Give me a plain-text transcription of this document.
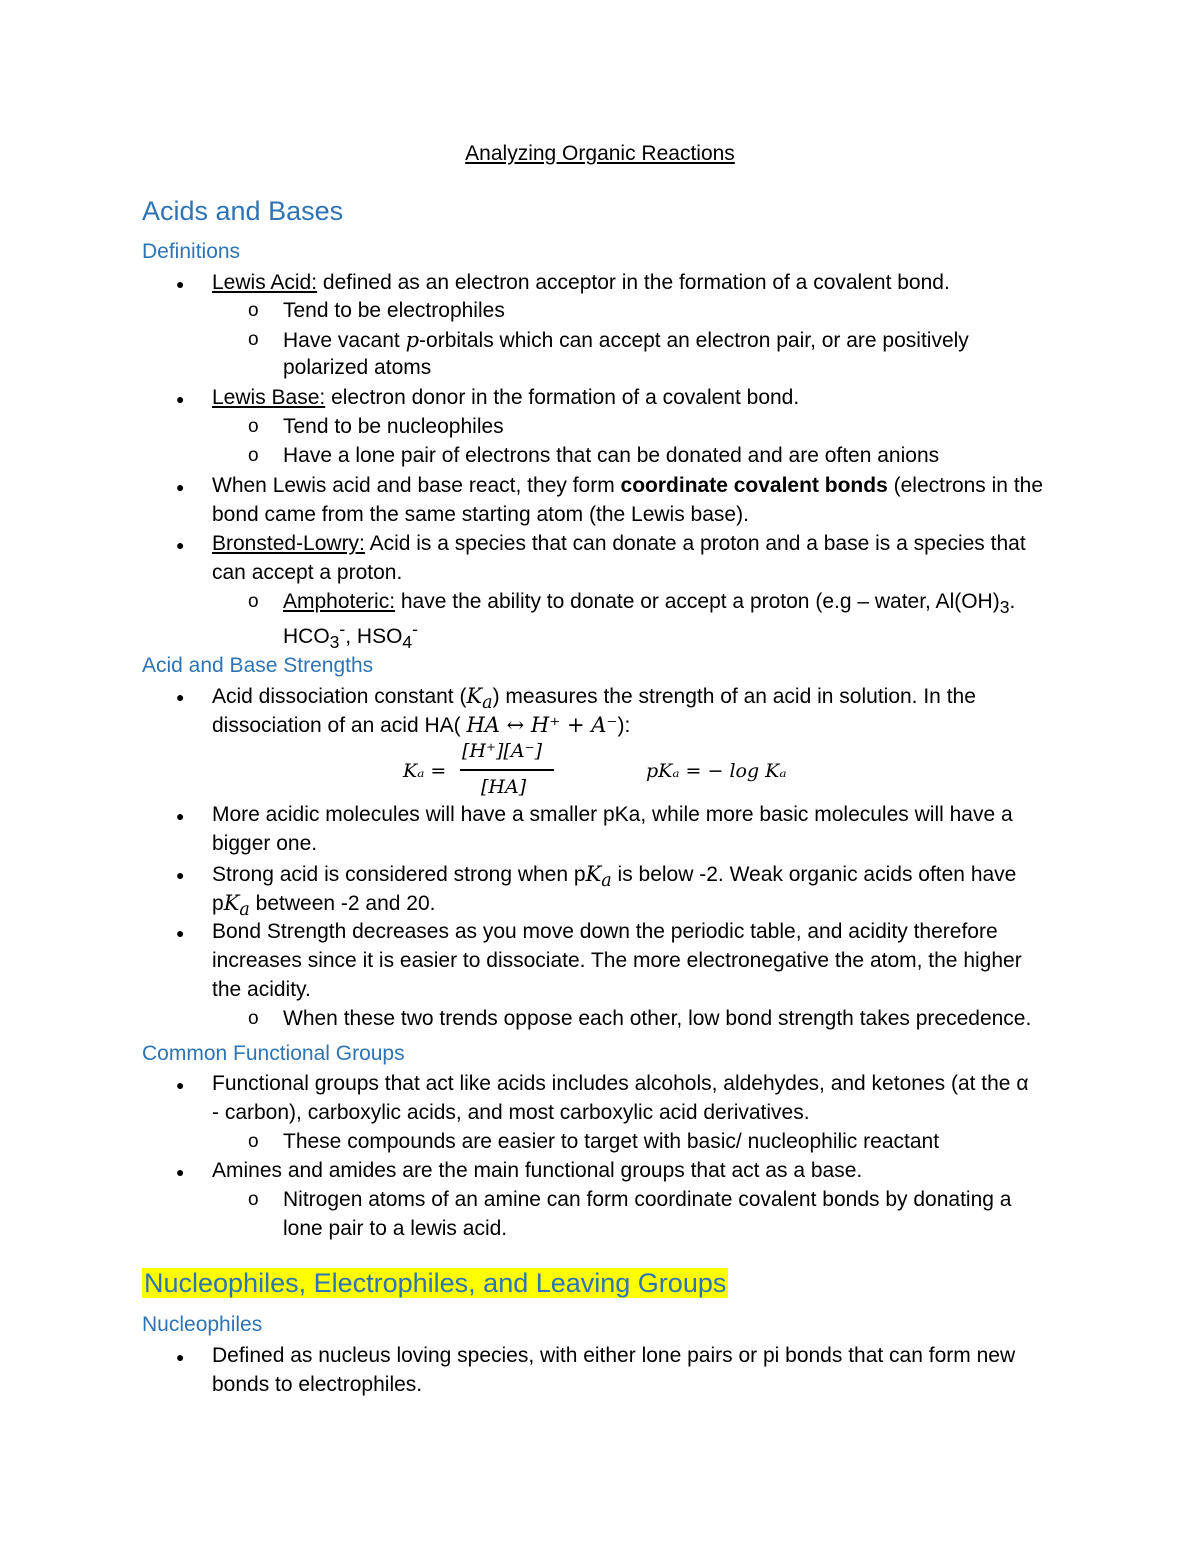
Analyzing Organic Reactions
Acids and Bases
Definitions
● Lewis Acid: defined as an electron acceptor in the formation of a covalent bond.
o Tend to be electrophiles
o Have vacant p-orbitals which can accept an electron pair, or are positively
polarized atoms
● Lewis Base: electron donor in the formation of a covalent bond.
o Tend to be nucleophiles
o Have a lone pair of electrons that can be donated and are often anions
● When Lewis acid and base react, they form coordinate covalent bonds (electrons in the
bond came from the same starting atom (the Lewis base).
● Bronsted-Lowry: Acid is a species that can donate a proton and a base is a species that
can accept a proton.
o Amphoteric: have the ability to donate or accept a proton (e.g – water, $Al(OH)_3$.
$HCO_3^-$, $HSO_4^-$
Acid and Base Strengths
● Acid dissociation constant $(K_a)$ measures the strength of an acid in solution. In the
dissociation of an acid HA( HA ↔ H⁺ + A⁻):
Kₐ =
[H⁺][A⁻]
[HA]
pKₐ = − log Kₐ
● More acidic molecules will have a smaller pKa, while more basic molecules will have a
bigger one.
● Strong acid is considered strong when $pK_a$ is below -2. Weak organic acids often have
$pK_a$ between -2 and 20.
● Bond Strength decreases as you move down the periodic table, and acidity therefore
increases since it is easier to dissociate. The more electronegative the atom, the higher
the acidity.
o When these two trends oppose each other, low bond strength takes precedence.
Common Functional Groups
● Functional groups that act like acids includes alcohols, aldehydes, and ketones (at the α
- carbon), carboxylic acids, and most carboxylic acid derivatives.
o These compounds are easier to target with basic/ nucleophilic reactant
● Amines and amides are the main functional groups that act as a base.
o Nitrogen atoms of an amine can form coordinate covalent bonds by donating a
lone pair to a lewis acid.
Nucleophiles, Electrophiles, and Leaving Groups
Nucleophiles
● Defined as nucleus loving species, with either lone pairs or pi bonds that can form new
bonds to electrophiles.
